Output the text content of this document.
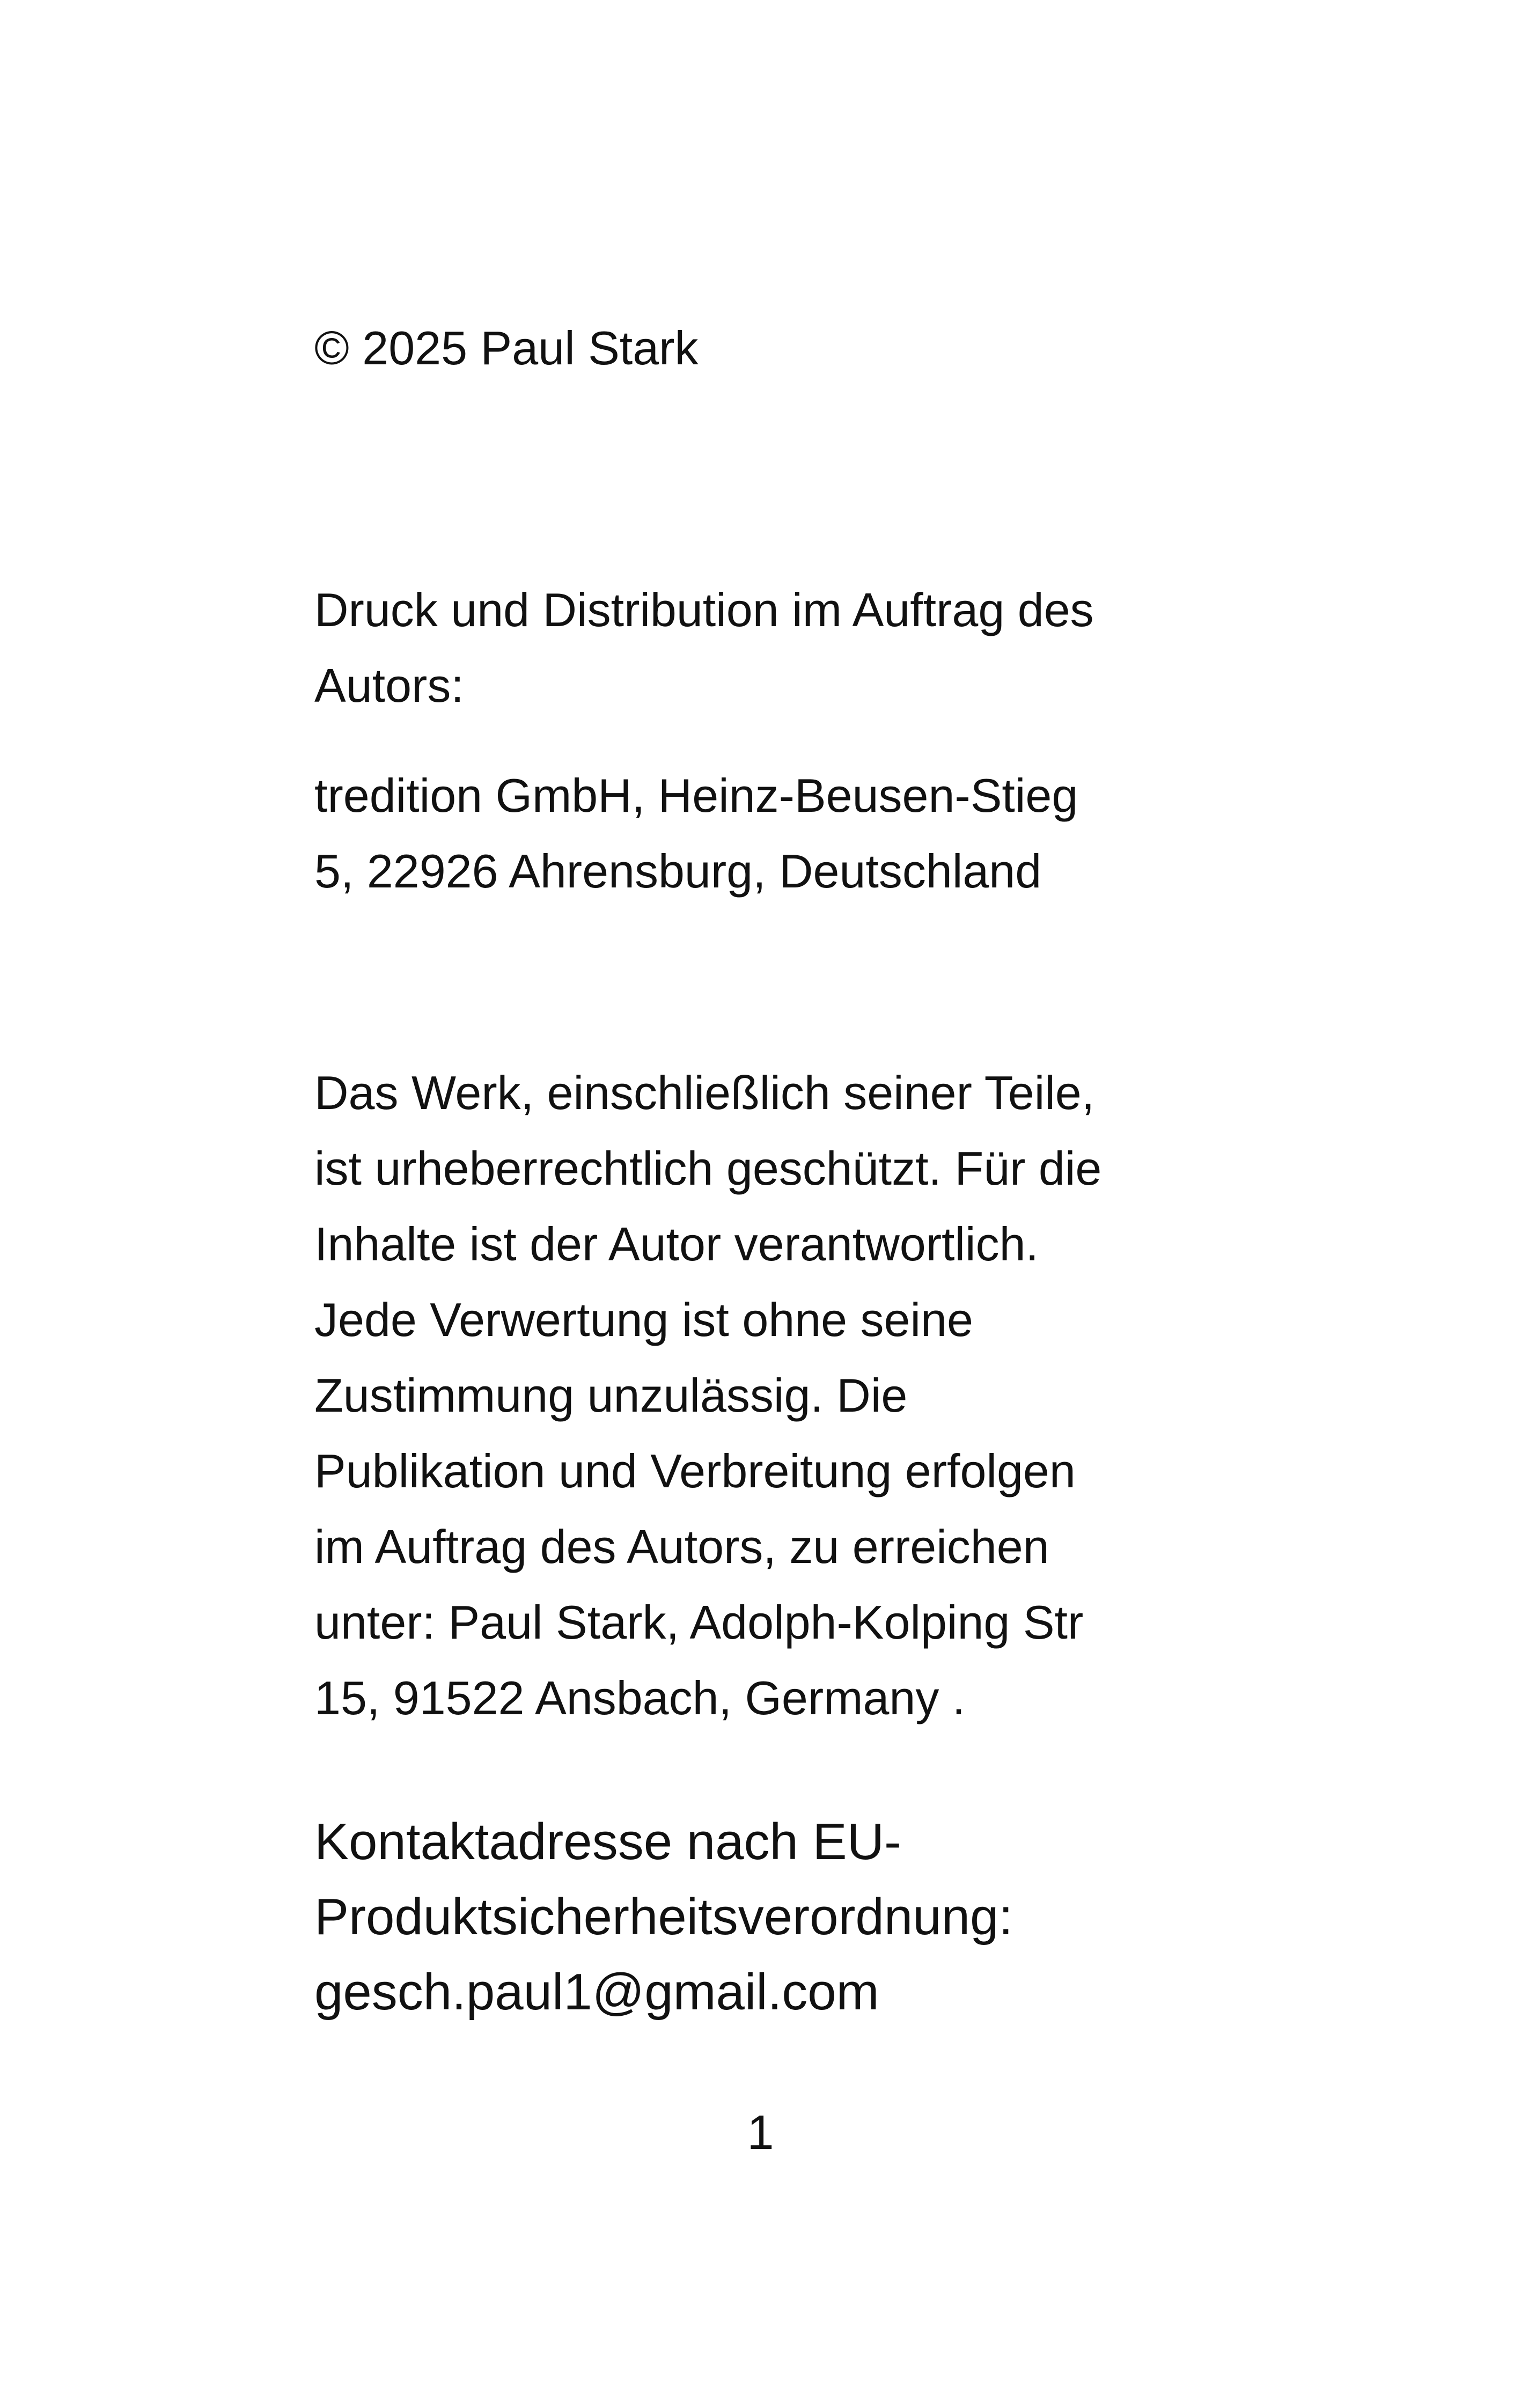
© 2025 Paul Stark

Druck und Distribution im Auftrag des
Autors:

tredition GmbH, Heinz-Beusen-Stieg
5, 22926 Ahrensburg, Deutschland

Das Werk, einschließlich seiner Teile,
ist urheberrechtlich geschützt. Für die
Inhalte ist der Autor verantwortlich.
Jede Verwertung ist ohne seine
Zustimmung unzulässig. Die
Publikation und Verbreitung erfolgen
im Auftrag des Autors, zu erreichen
unter: Paul Stark, Adolph-Kolping Str
15, 91522 Ansbach, Germany .

Kontaktadresse nach EU-
Produktsicherheitsverordnung:
gesch.paul1@gmail.com

1
